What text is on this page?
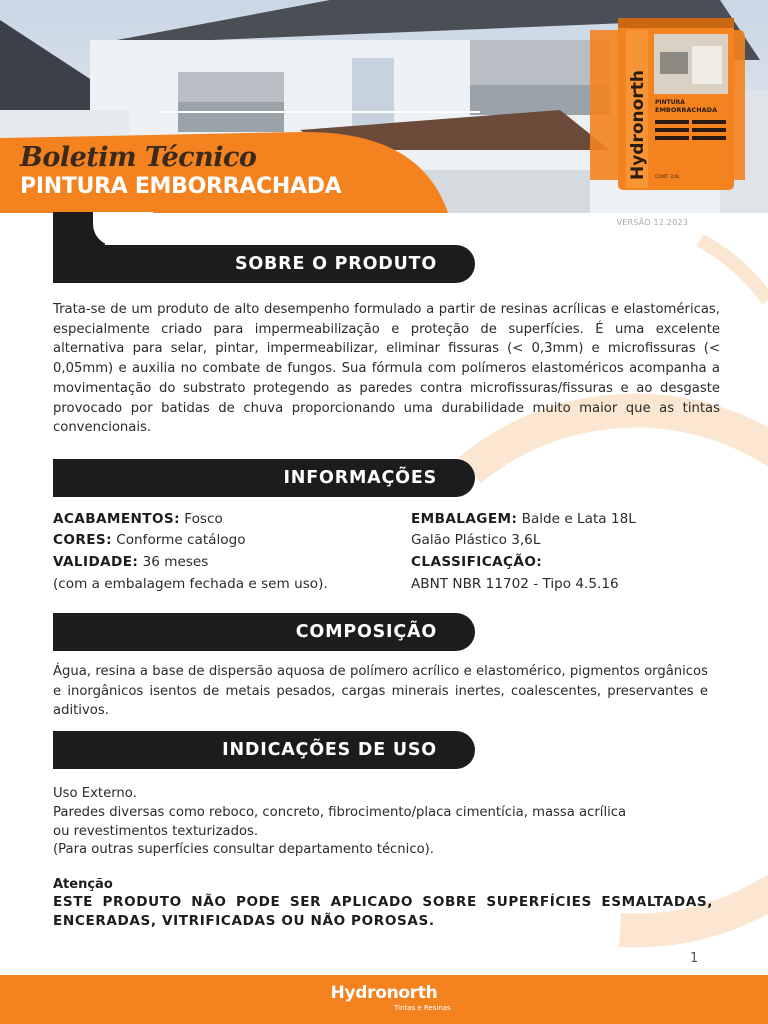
Boletim Técnico
PINTURA EMBORRACHADA
Hydronorth PINTURA
EMBORRACHADA
CONT. 3,6L
VERSÃO 12.2023
SOBRE O PRODUTO
Trata-se de um produto de alto desempenho formulado a partir de resinas acrílicas e elastoméricas, especialmente criado para impermeabilização e proteção de superfícies. É uma excelente alternativa para selar, pintar, impermeabilizar, eliminar fissuras (< 0,3mm) e microfissuras (< 0,05mm) e auxilia no combate de fungos. Sua fórmula com polímeros elastoméricos acompanha a movimentação do substrato protegendo as paredes contra microfissuras/fissuras e ao desgaste provocado por batidas de chuva proporcionando uma durabilidade muito maior que as tintas convencionais.
INFORMAÇÕES
ACABAMENTOS: Fosco
CORES: Conforme catálogo
VALIDADE: 36 meses
(com a embalagem fechada e sem uso).
EMBALAGEM: Balde e Lata 18L
Galão Plástico 3,6L
CLASSIFICAÇÃO:
ABNT NBR 11702 - Tipo 4.5.16
COMPOSIÇÃO
Água, resina a base de dispersão aquosa de polímero acrílico e elastomérico, pigmentos orgânicos e inorgânicos isentos de metais pesados, cargas minerais inertes, coalescentes, preservantes e aditivos.
INDICAÇÕES DE USO
Uso Externo.
Paredes diversas como reboco, concreto, fibrocimento/placa cimentícia, massa acrílica
ou revestimentos texturizados.
(Para outras superfícies consultar departamento técnico).
Atenção
ESTE PRODUTO NÃO PODE SER APLICADO SOBRE SUPERFÍCIES ESMALTADAS, ENCERADAS, VITRIFICADAS OU NÃO POROSAS.
1
Hydronorth
Tintas e Resinas
